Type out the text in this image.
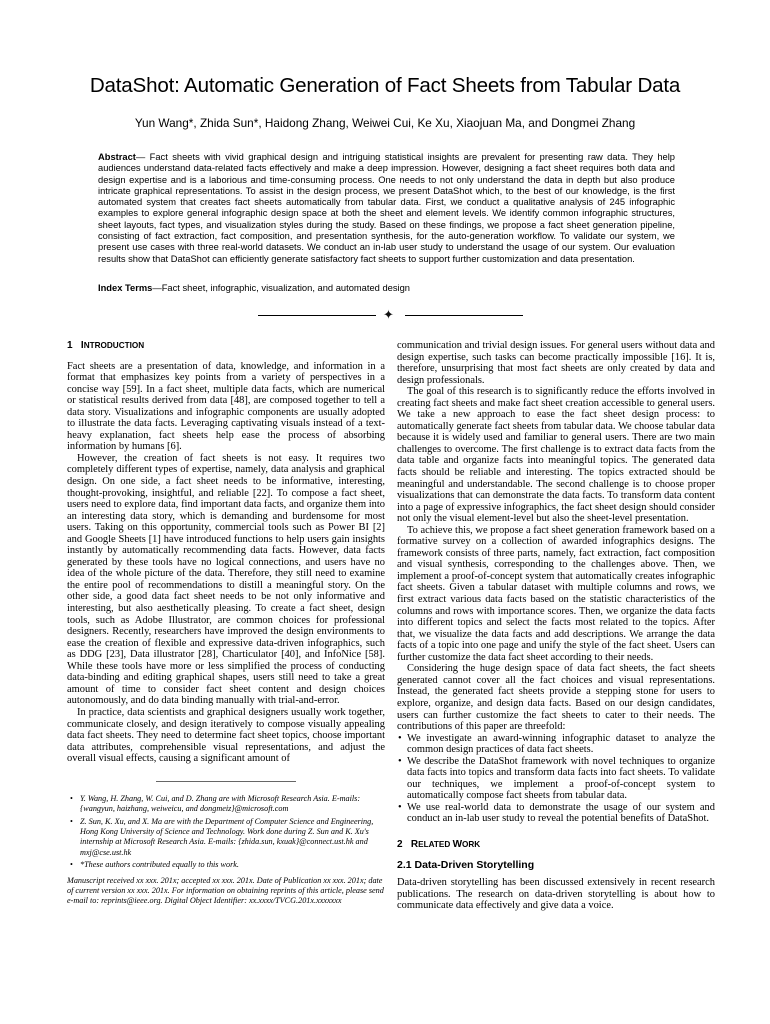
DataShot: Automatic Generation of Fact Sheets from Tabular Data
Yun Wang*, Zhida Sun*, Haidong Zhang, Weiwei Cui, Ke Xu, Xiaojuan Ma, and Dongmei Zhang
Abstract— Fact sheets with vivid graphical design and intriguing statistical insights are prevalent for presenting raw data. They help audiences understand data-related facts effectively and make a deep impression. However, designing a fact sheet requires both data and design expertise and is a laborious and time-consuming process. One needs to not only understand the data in depth but also produce intricate graphical representations. To assist in the design process, we present DataShot which, to the best of our knowledge, is the first automated system that creates fact sheets automatically from tabular data. First, we conduct a qualitative analysis of 245 infographic examples to explore general infographic design space at both the sheet and element levels. We identify common infographic structures, sheet layouts, fact types, and visualization styles during the study. Based on these findings, we propose a fact sheet generation pipeline, consisting of fact extraction, fact composition, and presentation synthesis, for the auto-generation workflow. To validate our system, we present use cases with three real-world datasets. We conduct an in-lab user study to understand the usage of our system. Our evaluation results show that DataShot can efficiently generate satisfactory fact sheets to support further customization and data presentation.
Index Terms—Fact sheet, infographic, visualization, and automated design
✦
1 INTRODUCTION

Fact sheets are a presentation of data, knowledge, and information in a format that emphasizes key points from a variety of perspectives in a concise way [59]. In a fact sheet, multiple data facts, which are numerical or statistical results derived from data [48], are composed together to tell a data story. Visualizations and infographic components are usually adopted to illustrate the data facts. Leveraging captivating visuals instead of a text-heavy explanation, fact sheets help ease the process of absorbing information by humans [6].

However, the creation of fact sheets is not easy. It requires two completely different types of expertise, namely, data analysis and graphical design. On one side, a fact sheet needs to be informative, interesting, thought-provoking, insightful, and reliable [22]. To compose a fact sheet, users need to explore data, find important data facts, and organize them into an interesting data story, which is demanding and burdensome for most users. Taking on this opportunity, commercial tools such as Power BI [2] and Google Sheets [1] have introduced functions to help users gain insights instantly by automatically recommending data facts. However, data facts generated by these tools have no logical connections, and users have no idea of the whole picture of the data. Therefore, they still need to examine the entire pool of recommendations to distill a meaningful story. On the other side, a good data fact sheet needs to be not only informative and interesting, but also aesthetically pleasing. To create a fact sheet, design tools, such as Adobe Illustrator, are common choices for professional designers. Recently, researchers have improved the design environments to ease the creation of flexible and expressive data-driven infographics, such as DDG [23], Data illustrator [28], Charticulator [40], and InfoNice [58]. While these tools have more or less simplified the process of conducting data-binding and editing graphical shapes, users still need to take a great amount of time to consider fact sheet content and design choices autonomously, and do data binding manually with trial-and-error.

In practice, data scientists and graphical designers usually work together, communicate closely, and design iteratively to compose visually appealing data fact sheets. They need to determine fact sheet topics, choose important data attributes, comprehensible visual representations, and adjust the overall visual effects, causing a significant amount of

• Y. Wang, H. Zhang, W. Cui, and D. Zhang are with Microsoft Research Asia. E-mails: {wangyun, haizhang, weiweicu, and dongmeiz}@microsoft.com
• Z. Sun, K. Xu, and X. Ma are with the Department of Computer Science and Engineering, Hong Kong University of Science and Technology. Work done during Z. Sun and K. Xu's internship at Microsoft Research Asia. E-mails: {zhida.sun, kxuak}@connect.ust.hk and mxj@cse.ust.hk
• *These authors contributed equally to this work.

Manuscript received xx xxx. 201x; accepted xx xxx. 201x. Date of Publication xx xxx. 201x; date of current version xx xxx. 201x. For information on obtaining reprints of this article, please send e-mail to: reprints@ieee.org. Digital Object Identifier: xx.xxxx/TVCG.201x.xxxxxxx

communication and trivial design issues. For general users without data and design expertise, such tasks can become practically impossible [16]. It is, therefore, unsurprising that most fact sheets are only created by data and design professionals.

The goal of this research is to significantly reduce the efforts involved in creating fact sheets and make fact sheet creation accessible to general users. We take a new approach to ease the fact sheet design process: to automatically generate fact sheets from tabular data. We choose tabular data because it is widely used and familiar to general users. There are two main challenges to overcome. The first challenge is to extract data facts from the data table and organize facts into meaningful topics. The generated data facts should be reliable and interesting. The topics extracted should be meaningful and understandable. The second challenge is to choose proper visualizations that can demonstrate the data facts. To transform data content into a page of expressive infographics, the fact sheet design should consider not only the visual element-level but also the sheet-level presentation.

To achieve this, we propose a fact sheet generation framework based on a formative survey on a collection of awarded infographics designs. The framework consists of three parts, namely, fact extraction, fact composition and visual synthesis, corresponding to the challenges above. Then, we implement a proof-of-concept system that automatically creates infographic fact sheets. Given a tabular dataset with multiple columns and rows, we first extract various data facts based on the statistic characteristics of the columns and rows with importance scores. Then, we organize the data facts into different topics and select the facts most related to the topics. After that, we visualize the data facts and add descriptions. We arrange the data facts of a topic into one page and unify the style of the fact sheet. Users can further customize the data fact sheet according to their needs.

Considering the huge design space of data fact sheets, the fact sheets generated cannot cover all the fact choices and visual representations. Instead, the generated fact sheets provide a stepping stone for users to explore, organize, and design data facts. Based on our design candidates, users can further customize the fact sheets to cater to their needs. The contributions of this paper are threefold:

• We investigate an award-winning infographic dataset to analyze the common design practices of data fact sheets.
• We describe the DataShot framework with novel techniques to organize data facts into topics and transform data facts into fact sheets. To validate our techniques, we implement a proof-of-concept system to automatically compose fact sheets from tabular data.
• We use real-world data to demonstrate the usage of our system and conduct an in-lab user study to reveal the potential benefits of DataShot.
2 RELATED WORK
2.1 Data-Driven Storytelling

Data-driven storytelling has been discussed extensively in recent research publications. The research on data-driven storytelling is about how to communicate data effectively and give data a voice.
